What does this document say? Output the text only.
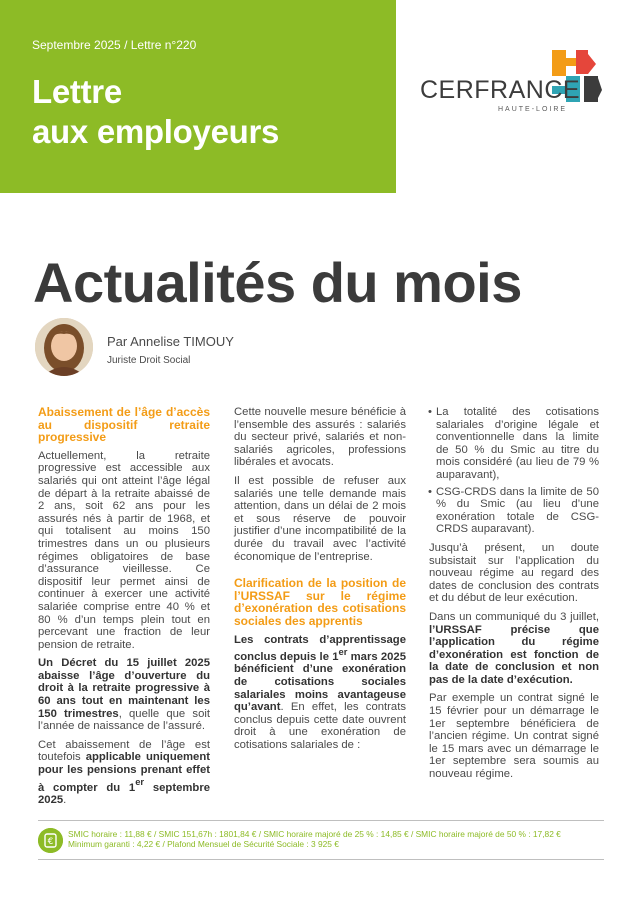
Septembre 2025 / Lettre n°220
Lettre
aux employeurs
CERFRANCE
HAUTE-LOIRE
Actualités du mois
Par Annelise TIMOUY
Juriste Droit Social
Abaissement de l’âge d’accès au dispositif retraite progressive

Actuellement, la retraite progressive est accessible aux salariés qui ont atteint l’âge légal de départ à la retraite abaissé de 2 ans, soit 62 ans pour les assurés nés à partir de 1968, et qui totalisent au moins 150 trimestres dans un ou plusieurs régimes obligatoires de base d’assurance vieillesse. Ce dispositif leur permet ainsi de continuer à exercer une activité salariée comprise entre 40 % et 80 % d’un temps plein tout en percevant une fraction de leur pension de retraite.

Un Décret du 15 juillet 2025 abaisse l’âge d’ouverture du droit à la retraite progressive à 60 ans tout en maintenant les 150 trimestres, quelle que soit l’année de naissance de l’assuré.

Cet abaissement de l’âge est toutefois applicable uniquement pour les pensions prenant effet à compter du 1er septembre 2025.

Cette nouvelle mesure bénéficie à l’ensemble des assurés : salariés du secteur privé, salariés et non-salariés agricoles, professions libérales et avocats.

Il est possible de refuser aux salariés une telle demande mais attention, dans un délai de 2 mois et sous réserve de pouvoir justifier d’une incompatibilité de la durée du travail avec l’activité économique de l’entreprise.

Clarification de la position de l’URSSAF sur le régime d’exonération des cotisations sociales des apprentis

Les contrats d’apprentissage conclus depuis le 1er mars 2025 bénéficient d’une exonération de cotisations sociales salariales moins avantageuse qu’avant. En effet, les contrats conclus depuis cette date ouvrent droit à une exonération de cotisations salariales de :

• La totalité des cotisations salariales d’origine légale et conventionnelle dans la limite de 50 % du Smic au titre du mois considéré (au lieu de 79 % auparavant),
• CSG-CRDS dans la limite de 50 % du Smic (au lieu d’une exonération totale de CSG-CRDS auparavant).

Jusqu’à présent, un doute subsistait sur l’application du nouveau régime au regard des dates de conclusion des contrats et du début de leur exécution.

Dans un communiqué du 3 juillet, l’URSSAF précise que l’application du régime d’exonération est fonction de la date de conclusion et non pas de la date d’exécution.

Par exemple un contrat signé le 15 février pour un démarrage le 1er septembre bénéficiera de l’ancien régime. Un contrat signé le 15 mars avec un démarrage le 1er septembre sera soumis au nouveau régime.

€
SMIC horaire : 11,88 € / SMIC 151,67h : 1801,84 € / SMIC horaire majoré de 25 % : 14,85 € / SMIC horaire majoré de 50 % : 17,82 €
Minimum garanti : 4,22 € / Plafond Mensuel de Sécurité Sociale : 3 925 €
